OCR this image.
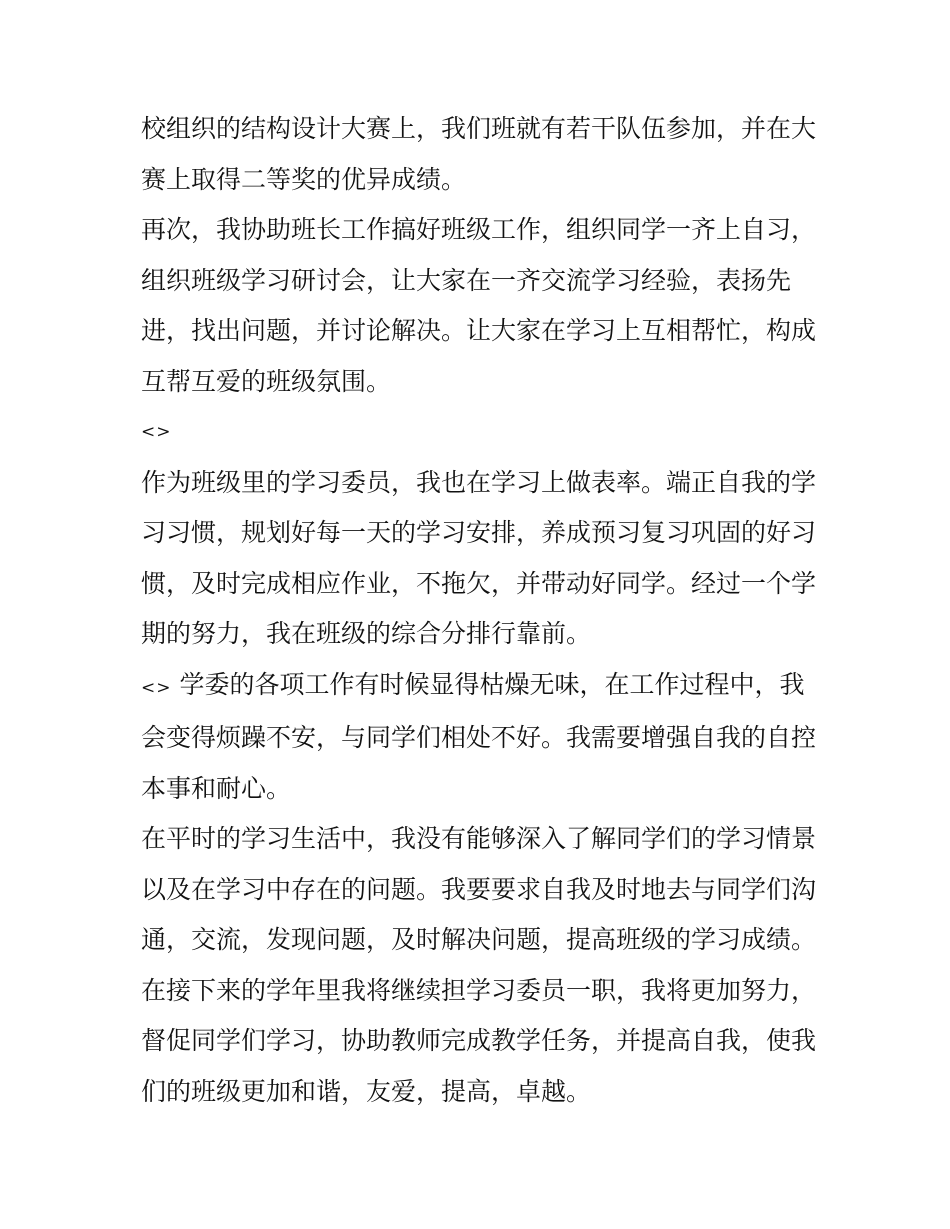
校组织的结构设计大赛上，我们班就有若干队伍参加，并在大

赛上取得二等奖的优异成绩。

再次，我协助班长工作搞好班级工作，组织同学一齐上自习，

组织班级学习研讨会，让大家在一齐交流学习经验，表扬先

进，找出问题，并讨论解决。让大家在学习上互相帮忙，构成

互帮互爱的班级氛围。

<>

作为班级里的学习委员，我也在学习上做表率。端正自我的学

习习惯，规划好每一天的学习安排，养成预习复习巩固的好习

惯，及时完成相应作业，不拖欠，并带动好同学。经过一个学

期的努力，我在班级的综合分排行靠前。

<> 学委的各项工作有时候显得枯燥无味，在工作过程中，我

会变得烦躁不安，与同学们相处不好。我需要增强自我的自控

本事和耐心。

在平时的学习生活中，我没有能够深入了解同学们的学习情景

以及在学习中存在的问题。我要要求自我及时地去与同学们沟

通，交流，发现问题，及时解决问题，提高班级的学习成绩。

在接下来的学年里我将继续担学习委员一职，我将更加努力，

督促同学们学习，协助教师完成教学任务，并提高自我，使我

们的班级更加和谐，友爱，提高，卓越。
